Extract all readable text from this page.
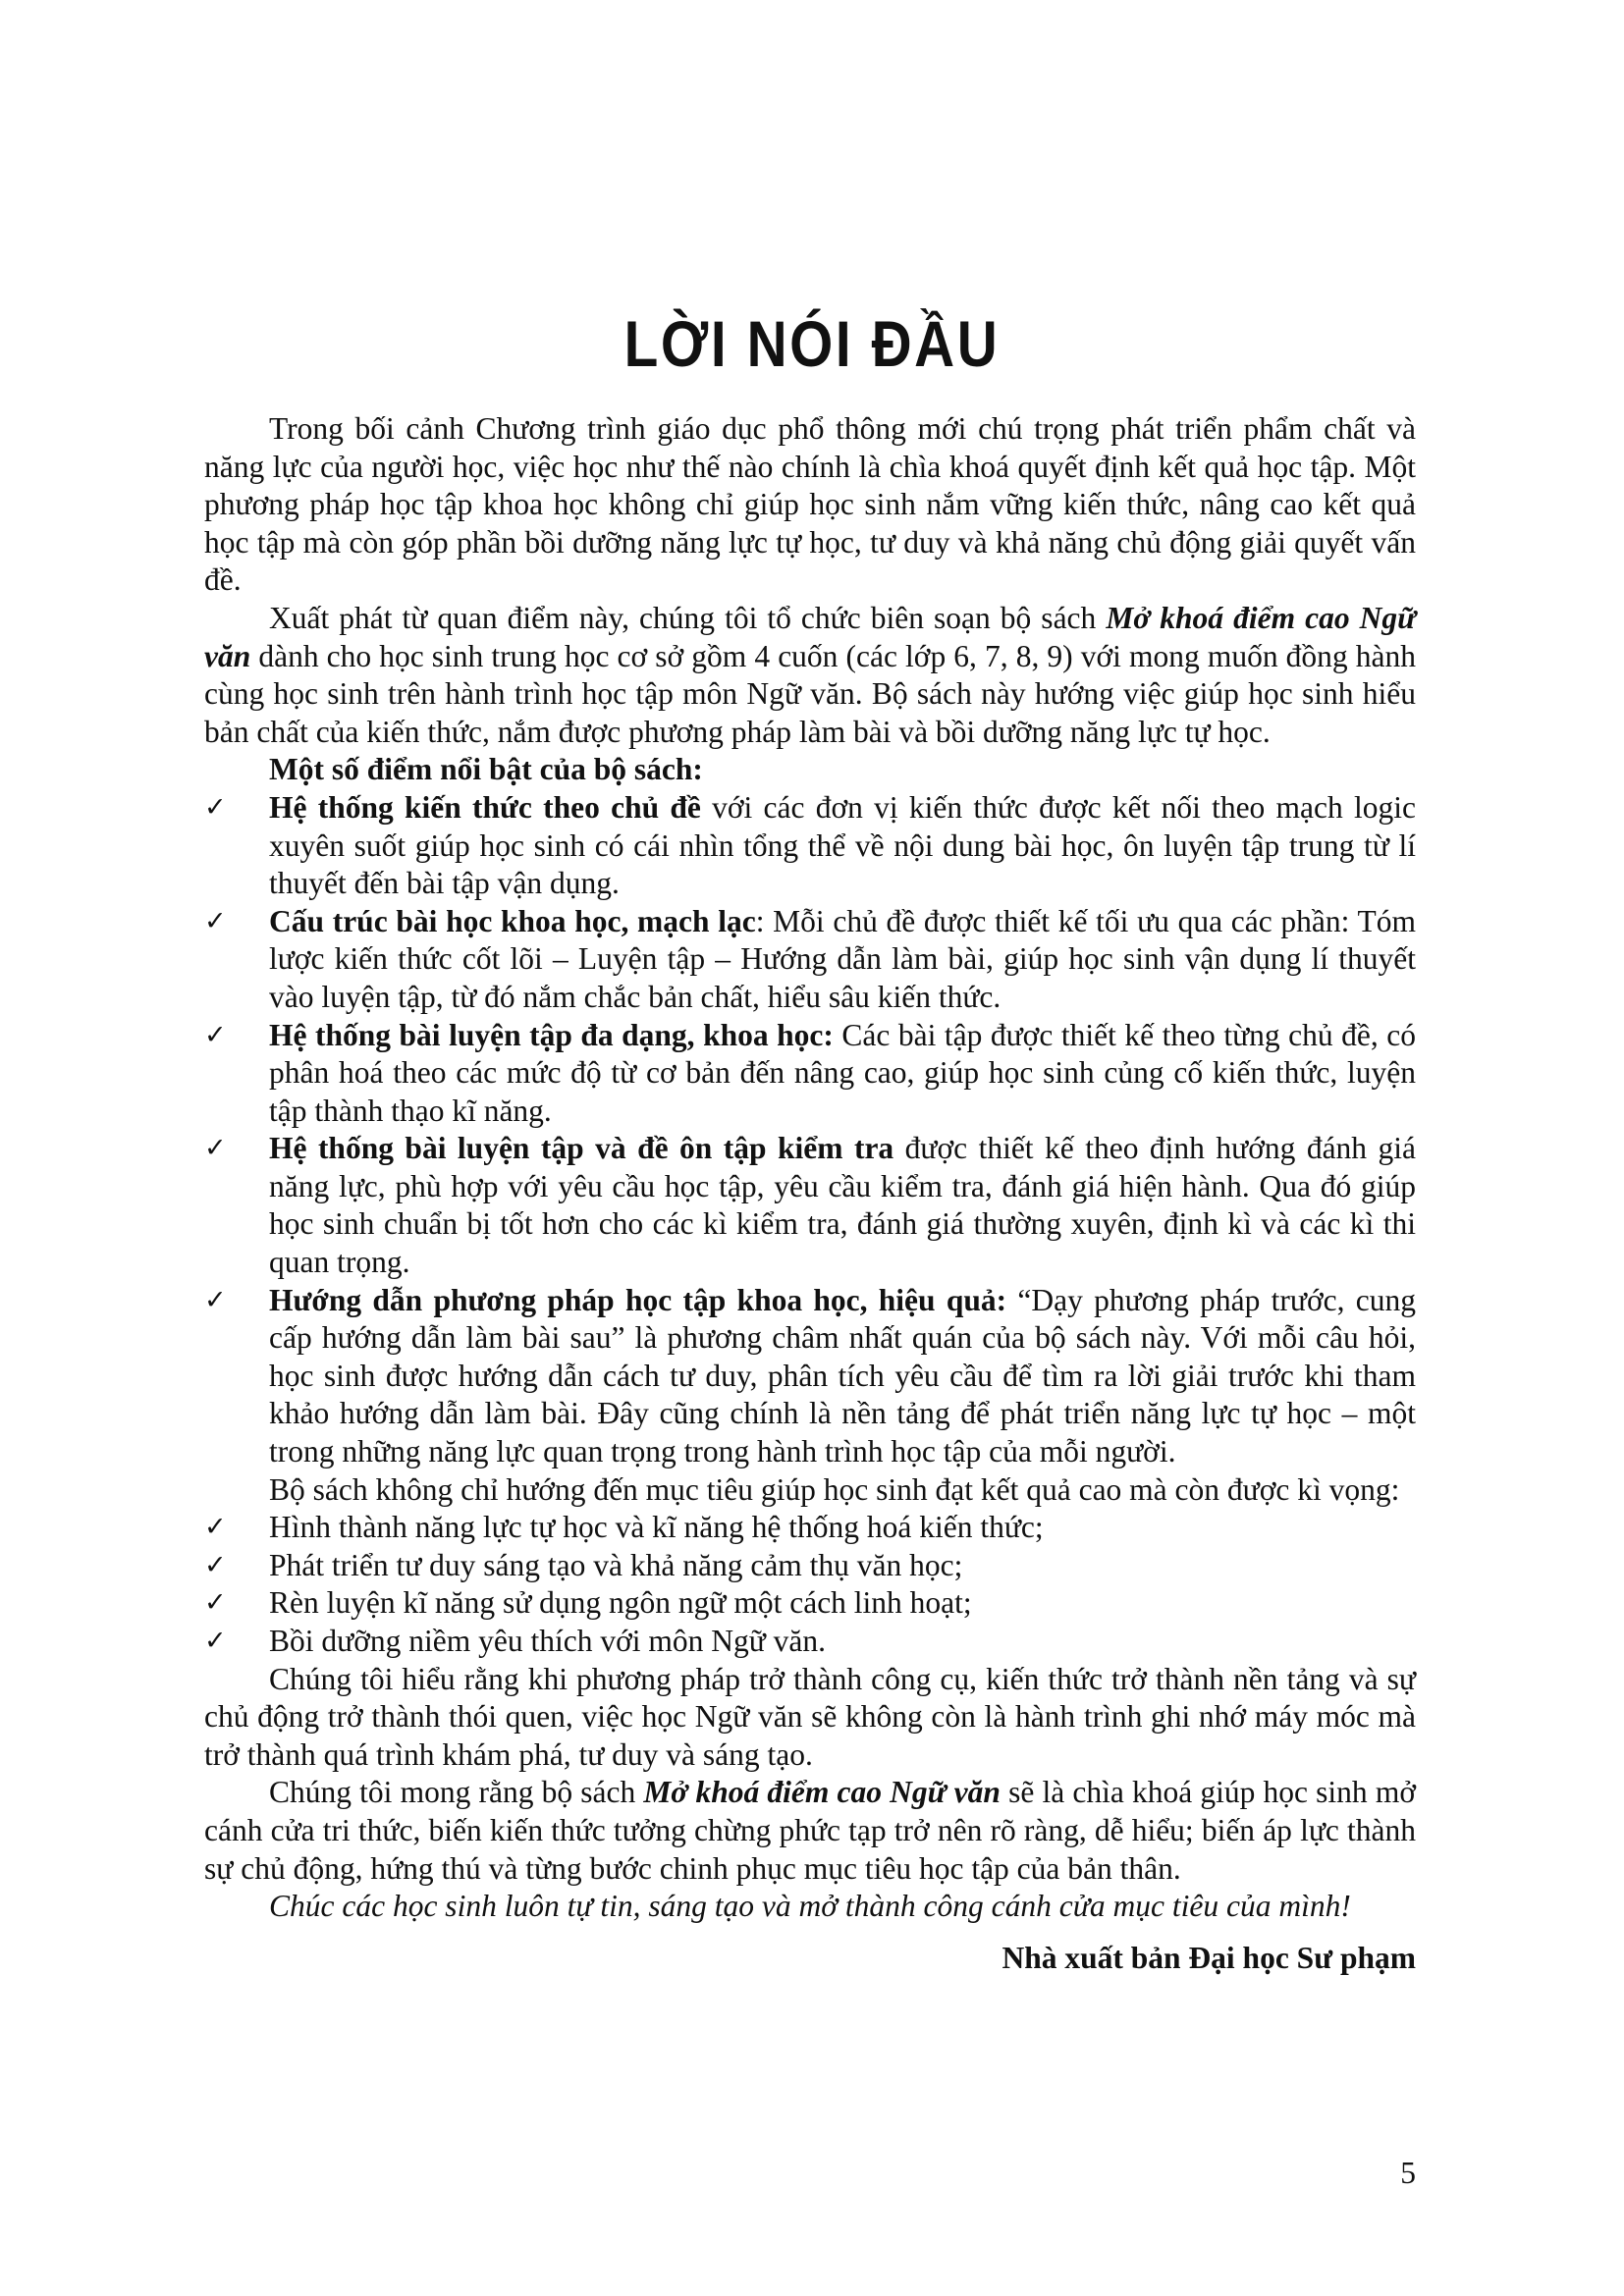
LỜI NÓI ĐẦU

Trong bối cảnh Chương trình giáo dục phổ thông mới chú trọng phát triển phẩm chất và năng lực của người học, việc học như thế nào chính là chìa khoá quyết định kết quả học tập. Một phương pháp học tập khoa học không chỉ giúp học sinh nắm vững kiến thức, nâng cao kết quả học tập mà còn góp phần bồi dưỡng năng lực tự học, tư duy và khả năng chủ động giải quyết vấn đề.

Xuất phát từ quan điểm này, chúng tôi tổ chức biên soạn bộ sách Mở khoá điểm cao Ngữ văn dành cho học sinh trung học cơ sở gồm 4 cuốn (các lớp 6, 7, 8, 9) với mong muốn đồng hành cùng học sinh trên hành trình học tập môn Ngữ văn. Bộ sách này hướng việc giúp học sinh hiểu bản chất của kiến thức, nắm được phương pháp làm bài và bồi dưỡng năng lực tự học.

Một số điểm nổi bật của bộ sách:

✓ Hệ thống kiến thức theo chủ đề với các đơn vị kiến thức được kết nối theo mạch logic xuyên suốt giúp học sinh có cái nhìn tổng thể về nội dung bài học, ôn luyện tập trung từ lí thuyết đến bài tập vận dụng.
✓ Cấu trúc bài học khoa học, mạch lạc: Mỗi chủ đề được thiết kế tối ưu qua các phần: Tóm lược kiến thức cốt lõi – Luyện tập – Hướng dẫn làm bài, giúp học sinh vận dụng lí thuyết vào luyện tập, từ đó nắm chắc bản chất, hiểu sâu kiến thức.
✓ Hệ thống bài luyện tập đa dạng, khoa học: Các bài tập được thiết kế theo từng chủ đề, có phân hoá theo các mức độ từ cơ bản đến nâng cao, giúp học sinh củng cố kiến thức, luyện tập thành thạo kĩ năng.
✓ Hệ thống bài luyện tập và đề ôn tập kiểm tra được thiết kế theo định hướng đánh giá năng lực, phù hợp với yêu cầu học tập, yêu cầu kiểm tra, đánh giá hiện hành. Qua đó giúp học sinh chuẩn bị tốt hơn cho các kì kiểm tra, đánh giá thường xuyên, định kì và các kì thi quan trọng.
✓ Hướng dẫn phương pháp học tập khoa học, hiệu quả: “Dạy phương pháp trước, cung cấp hướng dẫn làm bài sau” là phương châm nhất quán của bộ sách này. Với mỗi câu hỏi, học sinh được hướng dẫn cách tư duy, phân tích yêu cầu để tìm ra lời giải trước khi tham khảo hướng dẫn làm bài. Đây cũng chính là nền tảng để phát triển năng lực tự học – một trong những năng lực quan trọng trong hành trình học tập của mỗi người.

Bộ sách không chỉ hướng đến mục tiêu giúp học sinh đạt kết quả cao mà còn được kì vọng:

✓ Hình thành năng lực tự học và kĩ năng hệ thống hoá kiến thức;
✓ Phát triển tư duy sáng tạo và khả năng cảm thụ văn học;
✓ Rèn luyện kĩ năng sử dụng ngôn ngữ một cách linh hoạt;
✓ Bồi dưỡng niềm yêu thích với môn Ngữ văn.

Chúng tôi hiểu rằng khi phương pháp trở thành công cụ, kiến thức trở thành nền tảng và sự chủ động trở thành thói quen, việc học Ngữ văn sẽ không còn là hành trình ghi nhớ máy móc mà trở thành quá trình khám phá, tư duy và sáng tạo.

Chúng tôi mong rằng bộ sách Mở khoá điểm cao Ngữ văn sẽ là chìa khoá giúp học sinh mở cánh cửa tri thức, biến kiến thức tưởng chừng phức tạp trở nên rõ ràng, dễ hiểu; biến áp lực thành sự chủ động, hứng thú và từng bước chinh phục mục tiêu học tập của bản thân.

Chúc các học sinh luôn tự tin, sáng tạo và mở thành công cánh cửa mục tiêu của mình!

Nhà xuất bản Đại học Sư phạm

5
